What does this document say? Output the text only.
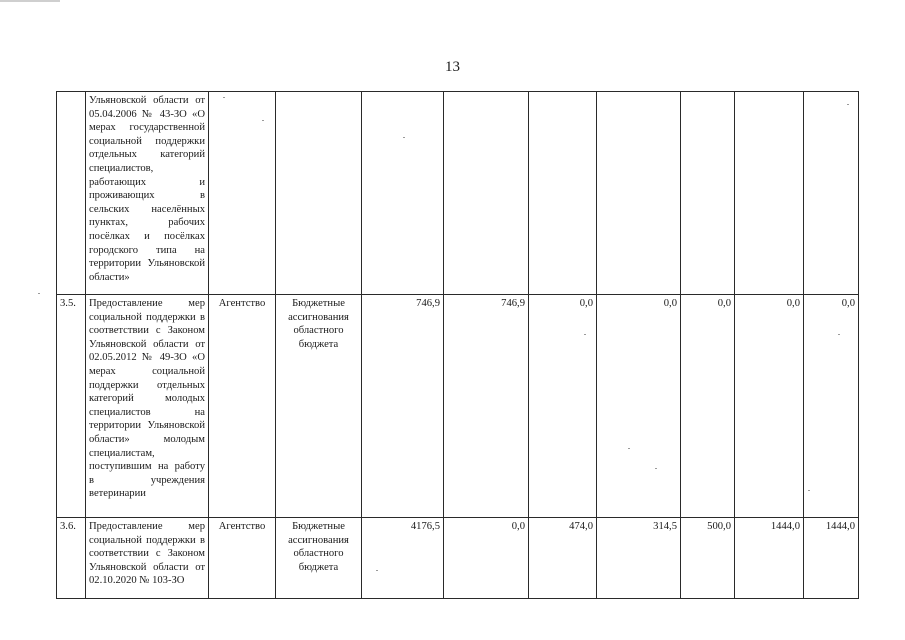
13
	Ульяновской области от 05.04.2006 № 43-ЗО «О мерах государственной социальной поддержки отдельных категорий специалистов, работающих и проживающих в сельских населённых пунктах, рабочих посёлках и посёлках городского типа на территории Ульяновской области»									
3.5.	Предоставление мер социальной поддержки в соответствии с Законом Ульяновской области от 02.05.2012 № 49-ЗО «О мерах социальной поддержки отдельных категорий молодых специалистов на территории Ульяновской области» молодым специалистам, поступившим на работу в учреждения ветеринарии	Агентство	Бюджетные ассигнования областного бюджета	746,9	746,9	0,0	0,0	0,0	0,0	0,0
3.6.	Предоставление мер социальной поддержки в соответствии с Законом Ульяновской области от 02.10.2020 № 103-ЗО	Агентство	Бюджетные ассигнования областного бюджета	4176,5	0,0	474,0	314,5	500,0	1444,0	1444,0
